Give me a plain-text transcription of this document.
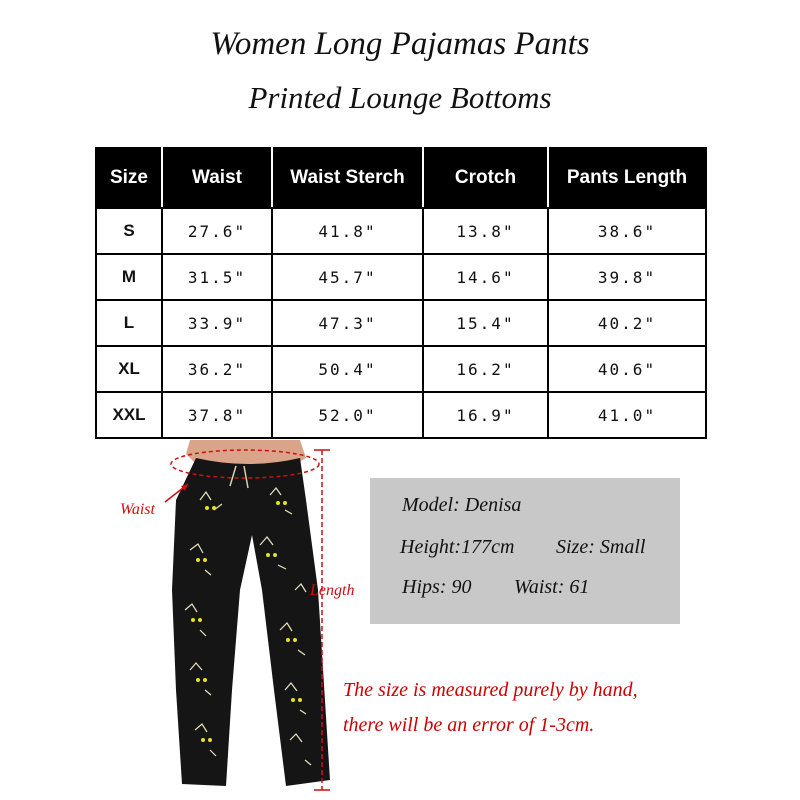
Women Long Pajamas Pants
Printed Lounge Bottoms
Size	Waist	Waist Sterch	Crotch	Pants Length
S	27.6"	41.8"	13.8"	38.6"
M	31.5"	45.7"	14.6"	39.8"
L	33.9"	47.3"	15.4"	40.2"
XL	36.2"	50.4"	16.2"	40.6"
XXL	37.8"	52.0"	16.9"	41.0"
Waist
Length
Model: Denisa
Height:177cm Size: Small
Hips: 90 Waist: 61
The size is measured purely by hand,
there will be an error of 1-3cm.
